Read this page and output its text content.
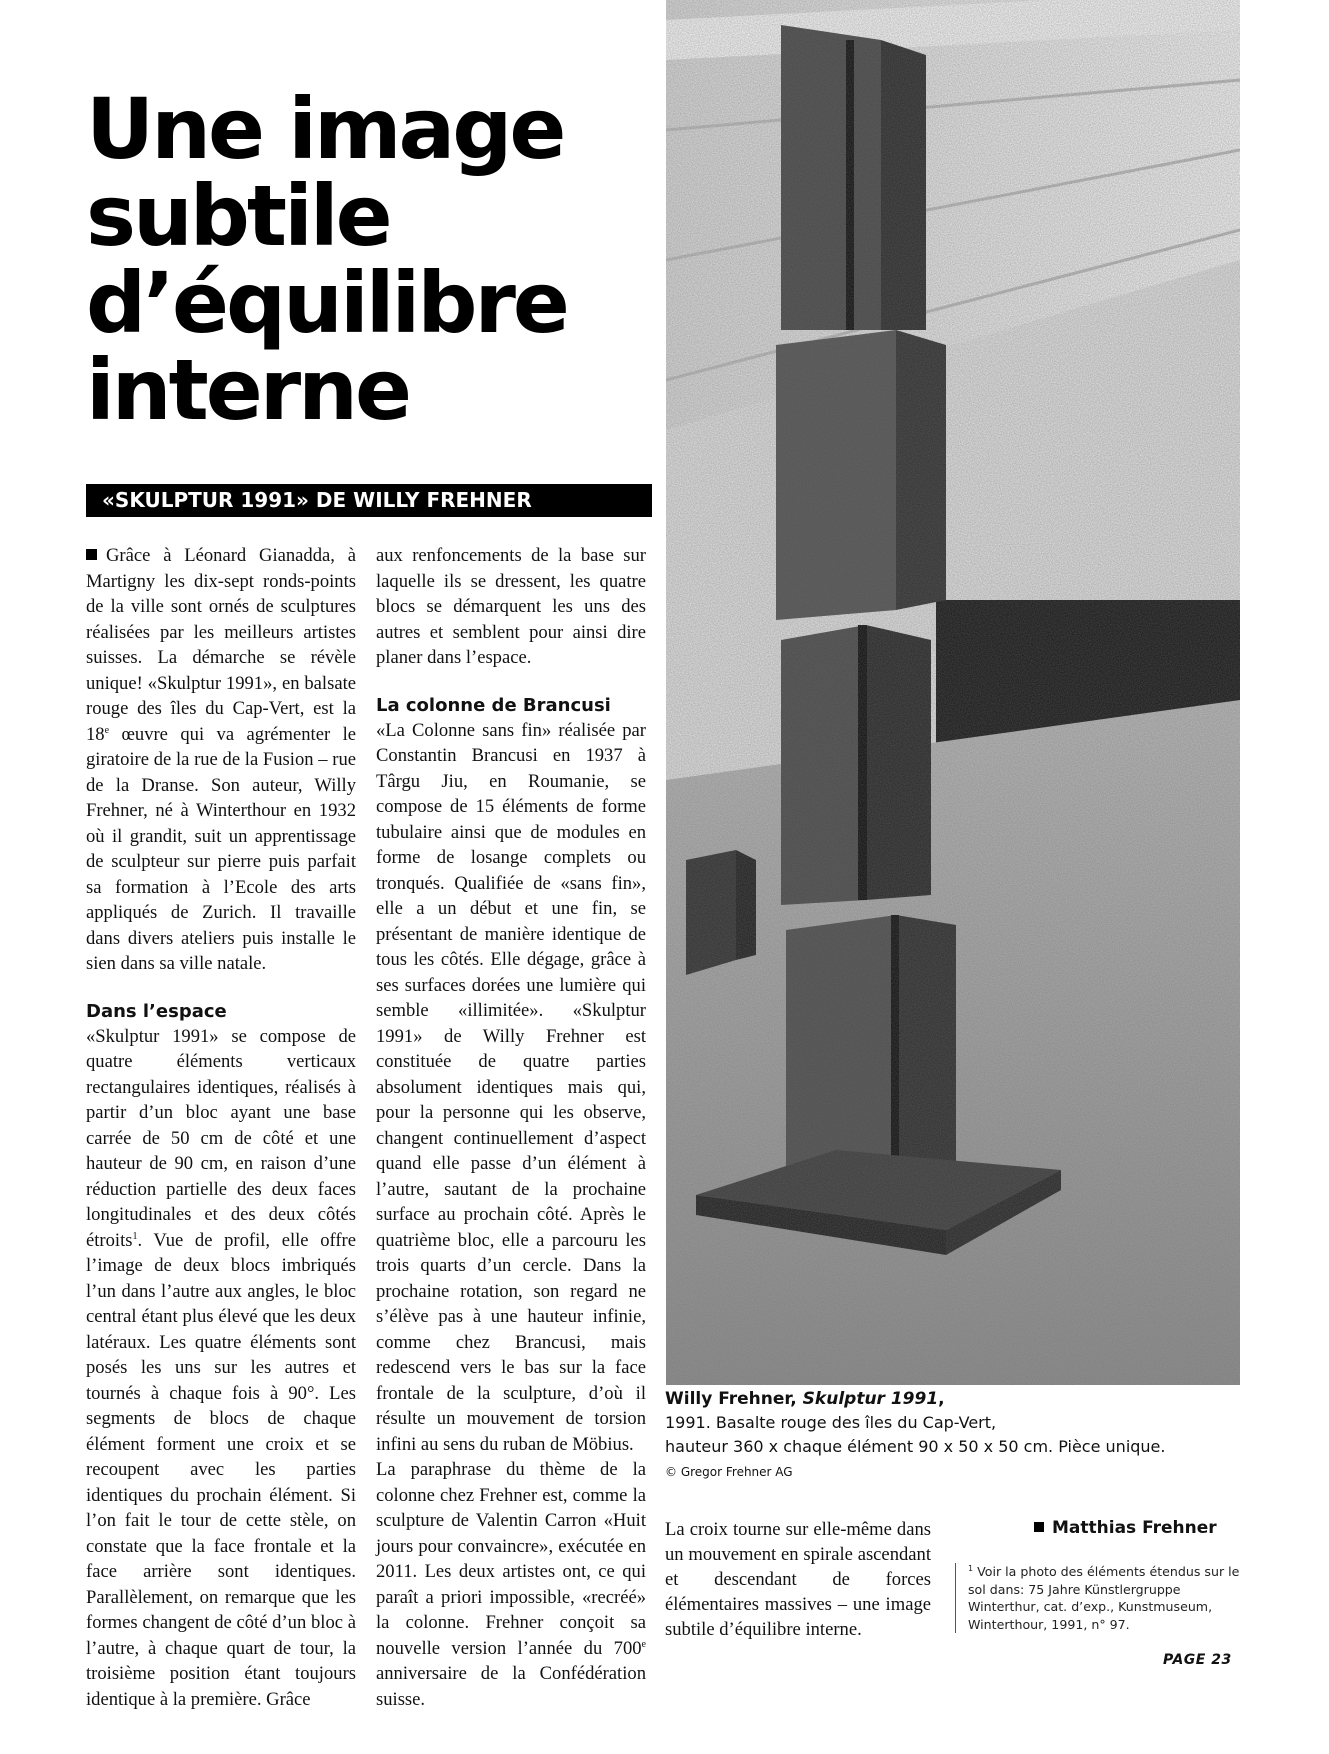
Une image
subtile
d’équilibre
interne
«SKULPTUR 1991» DE WILLY FREHNER

Grâce à Léonard Gianadda, à Martigny les dix-sept ronds-points de la ville sont ornés de sculptures réalisées par les meilleurs artistes suisses. La démarche se révèle unique! «Skulptur 1991», en balsate rouge des îles du Cap-Vert, est la 18e œuvre qui va agrémenter le giratoire de la rue de la Fusion – rue de la Dranse. Son auteur, Willy Frehner, né à Winterthour en 1932 où il grandit, suit un apprentissage de sculpteur sur pierre puis parfait sa formation à l’Ecole des arts appliqués de Zurich. Il travaille dans divers ateliers puis installe le sien dans sa ville natale.

Dans l’espace

«Skulptur 1991» se compose de quatre éléments verticaux rectangulaires identiques, réalisés à partir d’un bloc ayant une base carrée de 50 cm de côté et une hauteur de 90 cm, en raison d’une réduction partielle des deux faces longitudinales et des deux côtés étroits$^1$. Vue de profil, elle offre l’image de deux blocs imbriqués l’un dans l’autre aux angles, le bloc central étant plus élevé que les deux latéraux. Les quatre éléments sont posés les uns sur les autres et tournés à chaque fois à 90°. Les segments de blocs de chaque élément forment une croix et se recoupent avec les parties identiques du prochain élément. Si l’on fait le tour de cette stèle, on constate que la face frontale et la face arrière sont identiques. Parallèlement, on remarque que les formes changent de côté d’un bloc à l’autre, à chaque quart de tour, la troisième position étant toujours identique à la première. Grâce

aux renfoncements de la base sur laquelle ils se dressent, les quatre blocs se démarquent les uns des autres et semblent pour ainsi dire planer dans l’espace.

La colonne de Brancusi

«La Colonne sans fin» réalisée par Constantin Brancusi en 1937 à Târgu Jiu, en Roumanie, se compose de 15 éléments de forme tubulaire ainsi que de modules en forme de losange complets ou tronqués. Qualifiée de «sans fin», elle a un début et une fin, se présentant de manière identique de tous les côtés. Elle dégage, grâce à ses surfaces dorées une lumière qui semble «illimitée». «Skulptur 1991» de Willy Frehner est constituée de quatre parties absolument identiques mais qui, pour la personne qui les observe, changent continuellement d’aspect quand elle passe d’un élément à l’autre, sautant de la prochaine surface au prochain côté. Après le quatrième bloc, elle a parcouru les trois quarts d’un cercle. Dans la prochaine rotation, son regard ne s’élève pas à une hauteur infinie, comme chez Brancusi, mais redescend vers le bas sur la face frontale de la sculpture, d’où il résulte un mouvement de torsion infini au sens du ruban de Möbius.

La paraphrase du thème de la colonne chez Frehner est, comme la sculpture de Valentin Carron «Huit jours pour convaincre», exécutée en 2011. Les deux artistes ont, ce qui paraît a priori impossible, «recréé» la colonne. Frehner conçoit sa nouvelle version l’année du 700e anniversaire de la Confédération suisse.

Willy Frehner, Skulptur 1991,
1991. Basalte rouge des îles du Cap-Vert,
hauteur 360 x chaque élément 90 x 50 x 50 cm. Pièce unique.
© Gregor Frehner AG

La croix tourne sur elle-même dans un mouvement en spirale ascendant et descendant de forces élémentaires massives – une image subtile d’équilibre interne.

Matthias Frehner
$^1$ Voir la photo des éléments étendus sur le sol dans: 75 Jahre Künstlergruppe Winterthur, cat. d’exp., Kunstmuseum, Winterthour, 1991, n° 97.
PAGE 23
